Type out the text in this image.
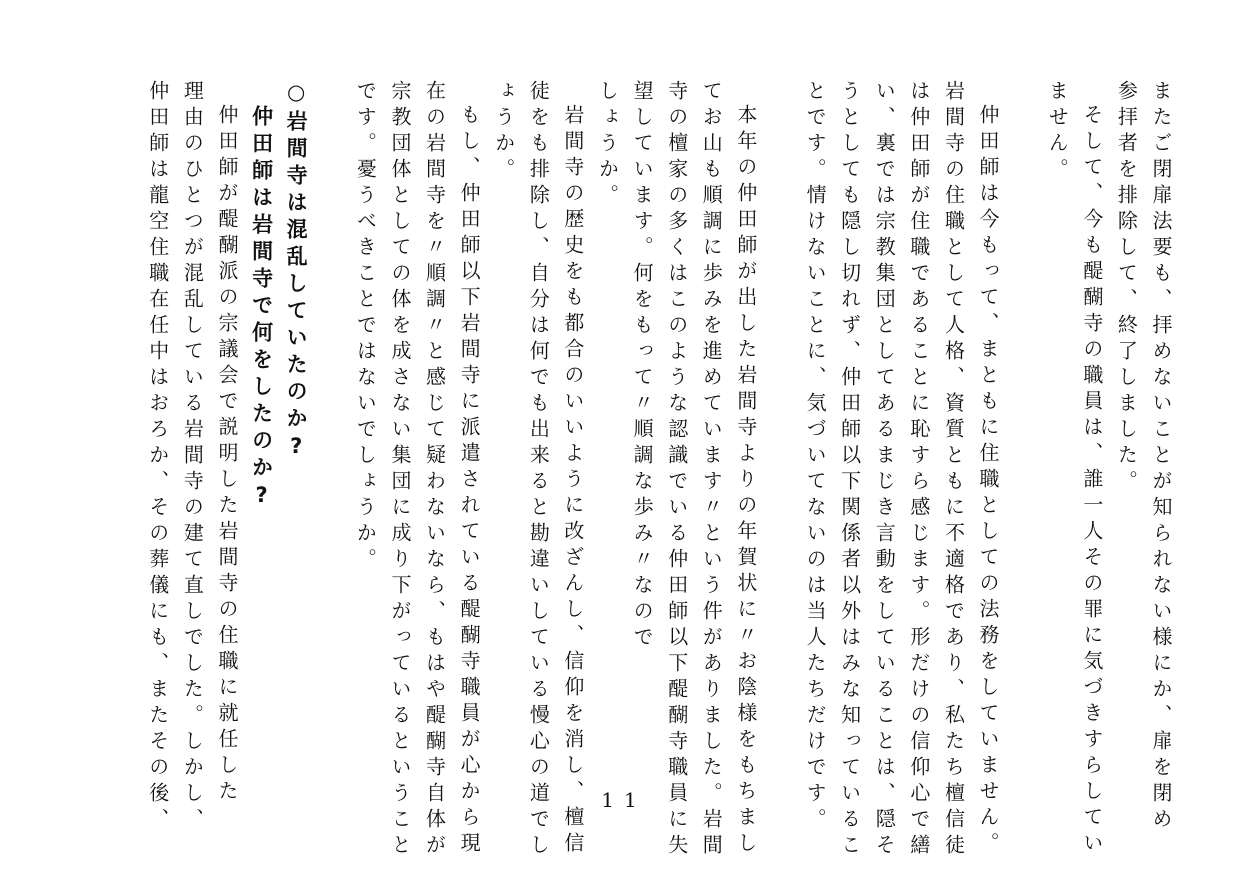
またご閉扉法要も、拝めないことが知られない様にか、扉を閉め
参拝者を排除して、終了しました。
そして、今も醍醐寺の職員は、誰一人その罪に気づきすらしてい
ません。
仲田師は今もって、まともに住職としての法務をしていません。
岩間寺の住職として人格、資質ともに不適格であり、私たち檀信徒
は仲田師が住職であることに恥すら感じます。形だけの信仰心で繕
い、裏では宗教集団としてあるまじき言動をしていることは、隠そ
うとしても隠し切れず、仲田師以下関係者以外はみな知っているこ
とです。情けないことに、気づいてないのは当人たちだけです。
本年の仲田師が出した岩間寺よりの年賀状に〃お陰様をもちまし
てお山も順調に歩みを進めています〃という件がありました。岩間
寺の檀家の多くはこのような認識でいる仲田師以下醍醐寺職員に失
望しています。何をもって〃順調な歩み〃なので
しょうか。
岩間寺の歴史をも都合のいいように改ざんし、信仰を消し、檀信
徒をも排除し、自分は何でも出来ると勘違いしている慢心の道でし
ょうか。
もし、仲田師以下岩間寺に派遣されている醍醐寺職員が心から現
在の岩間寺を〃順調〃と感じて疑わないなら、もはや醍醐寺自体が
宗教団体としての体を成さない集団に成り下がっているということ
です。憂うべきことではないでしょうか。
○岩間寺は混乱していたのか?
仲田師は岩間寺で何をしたのか?
仲田師が醍醐派の宗議会で説明した岩間寺の住職に就任した
理由のひとつが混乱している岩間寺の建て直しでした。しかし、
仲田師は龍空住職在任中はおろか、その葬儀にも、またその後、	11
